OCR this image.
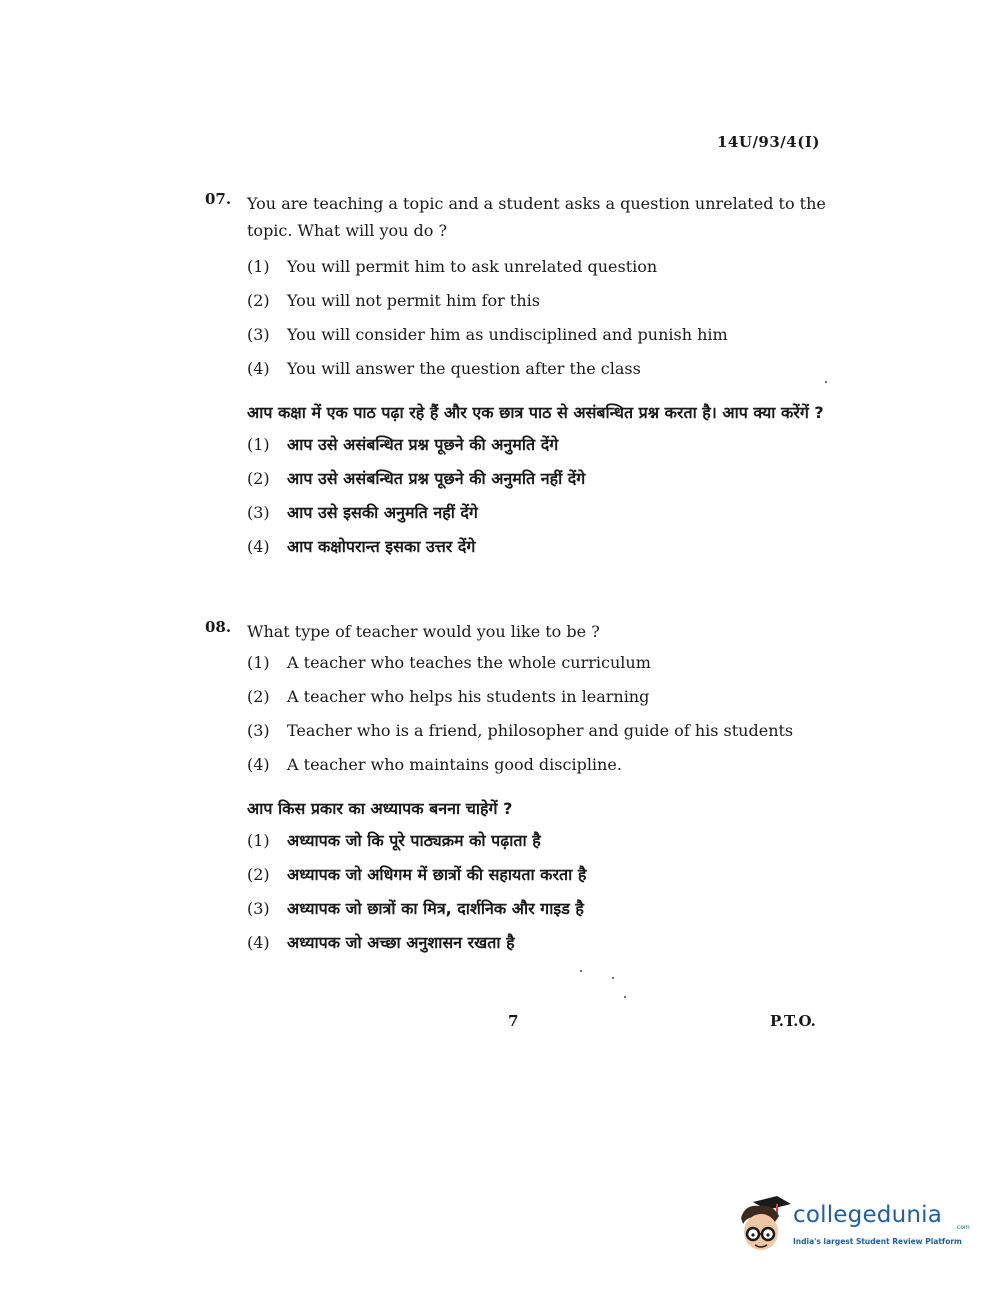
14U/93/4(I)
07. You are teaching a topic and a student asks a question unrelated to the topic. What will you do ?
(1)	You will permit him to ask unrelated question
(2)	You will not permit him for this
(3)	You will consider him as undisciplined and punish him
(4)	You will answer the question after the class
आप कक्षा में एक पाठ पढ़ा रहे हैं और एक छात्र पाठ से असंबन्धित प्रश्न करता है। आप क्या करेंगें ?
(1)	आप उसे असंबन्धित प्रश्न पूछने की अनुमति देंगे
(2)	आप उसे असंबन्धित प्रश्न पूछने की अनुमति नहीं देंगे
(3)	आप उसे इसकी अनुमति नहीं देंगे
(4)	आप कक्षोपरान्त इसका उत्तर देंगे
08. What type of teacher would you like to be ?
(1)	A teacher who teaches the whole curriculum
(2)	A teacher who helps his students in learning
(3)	Teacher who is a friend, philosopher and guide of his students
(4)	A teacher who maintains good discipline.
आप किस प्रकार का अध्यापक बनना चाहेगें ?
(1)	अध्यापक जो कि पूरे पाठ्यक्रम को पढ़ाता है
(2)	अध्यापक जो अधिगम में छात्रों की सहायता करता है
(3)	अध्यापक जो छात्रों का मित्र, दार्शनिक और गाइड है
(4)	अध्यापक जो अच्छा अनुशासन रखता है
7	P.T.O.
collegedunia .com
India's largest Student Review Platform
